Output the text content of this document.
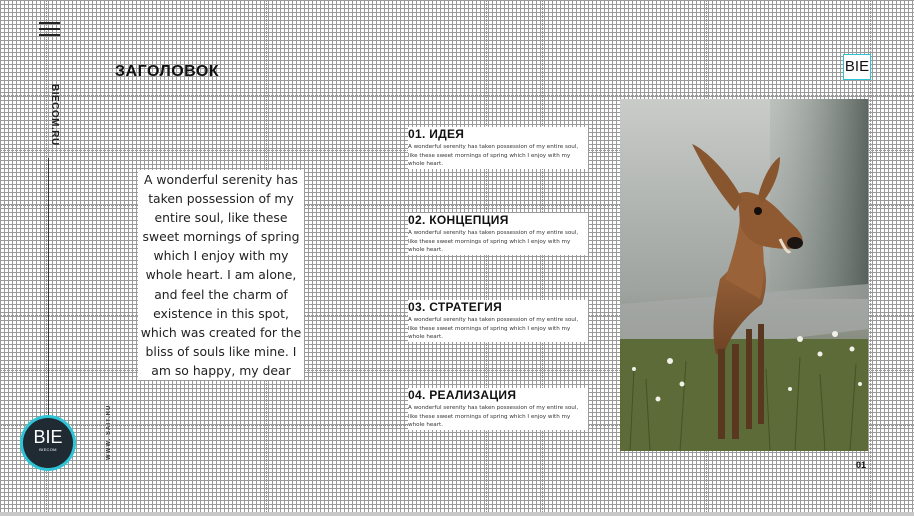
BIECOM.RU
BIE
BIECOM	WWW. SAIT.RU
ЗАГОЛОВОК

A wonderful serenity has taken possession of my entire soul, like these sweet mornings of spring which I enjoy with my whole heart. I am alone, and feel the charm of existence in this spot, which was created for the bliss of souls like mine. I am so happy, my dear

BIE
01. ИДЕЯ

A wonderful serenity has taken possession of my entire soul, like these sweet mornings of spring which I enjoy with my whole heart.

02. КОНЦЕПЦИЯ

A wonderful serenity has taken possession of my entire soul, like these sweet mornings of spring which I enjoy with my whole heart.

03. СТРАТЕГИЯ

A wonderful serenity has taken possession of my entire soul, like these sweet mornings of spring which I enjoy with my whole heart.

04. РЕАЛИЗАЦИЯ

A wonderful serenity has taken possession of my entire soul, like these sweet mornings of spring which I enjoy with my whole heart.

01
